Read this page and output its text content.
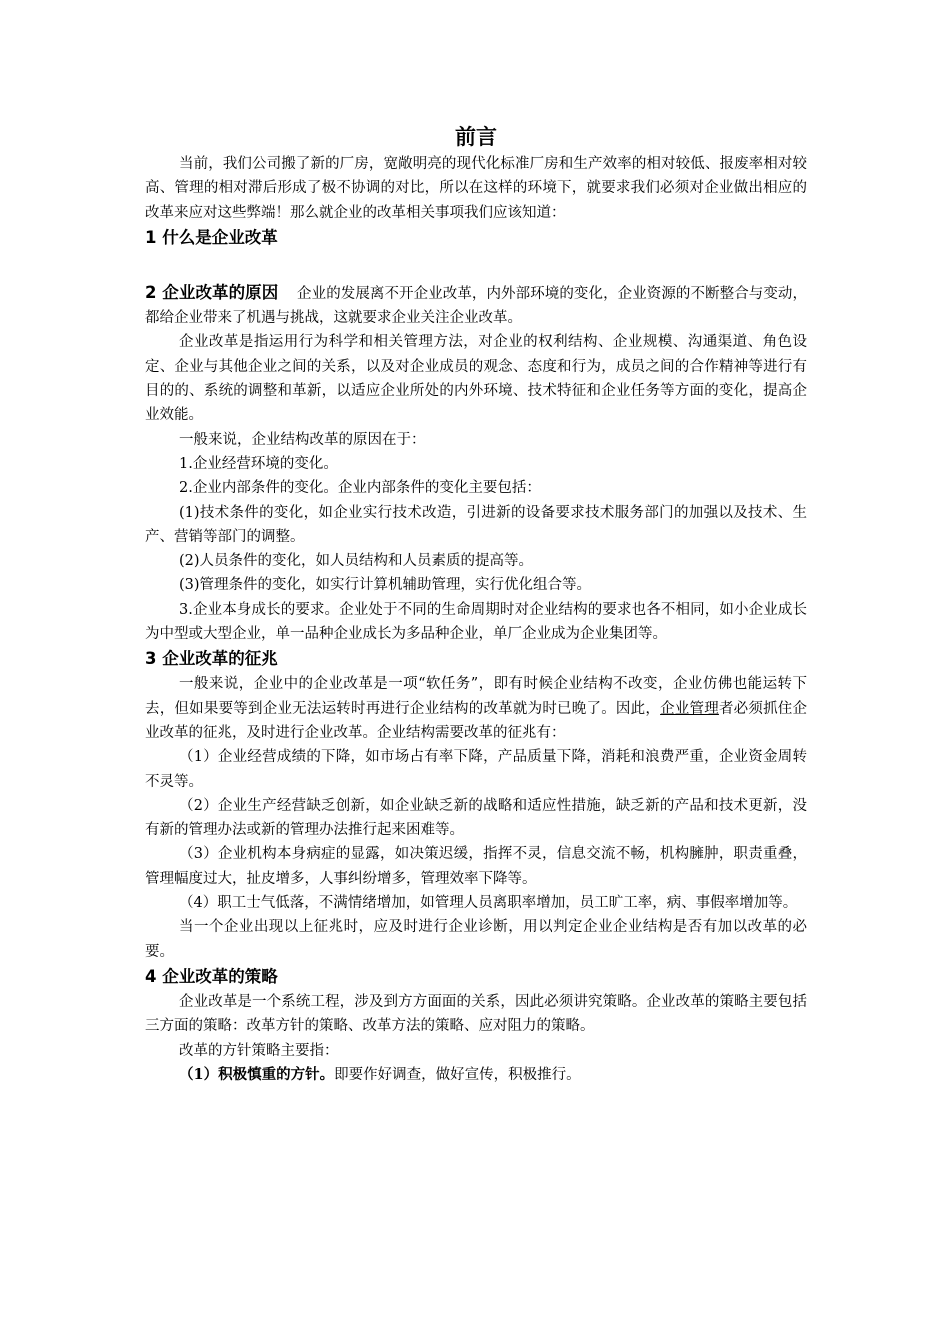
前言

当前，我们公司搬了新的厂房，宽敞明亮的现代化标准厂房和生产效率的相对较低、报废率相对较高、管理的相对滞后形成了极不协调的对比，所以在这样的环境下，就要求我们必须对企业做出相应的改革来应对这些弊端！那么就企业的改革相关事项我们应该知道：

1 什么是企业改革

2 企业改革的原因 企业的发展离不开企业改革，内外部环境的变化，企业资源的不断整合与变动，都给企业带来了机遇与挑战，这就要求企业关注企业改革。

企业改革是指运用行为科学和相关管理方法，对企业的权利结构、企业规模、沟通渠道、角色设定、企业与其他企业之间的关系，以及对企业成员的观念、态度和行为，成员之间的合作精神等进行有目的的、系统的调整和革新，以适应企业所处的内外环境、技术特征和企业任务等方面的变化，提高企业效能。

一般来说，企业结构改革的原因在于：

1.企业经营环境的变化。

2.企业内部条件的变化。企业内部条件的变化主要包括：

(1)技术条件的变化，如企业实行技术改造，引进新的设备要求技术服务部门的加强以及技术、生产、营销等部门的调整。

(2)人员条件的变化，如人员结构和人员素质的提高等。

(3)管理条件的变化，如实行计算机辅助管理，实行优化组合等。

3.企业本身成长的要求。企业处于不同的生命周期时对企业结构的要求也各不相同，如小企业成长为中型或大型企业，单一品种企业成长为多品种企业，单厂企业成为企业集团等。

3 企业改革的征兆

一般来说，企业中的企业改革是一项“软任务”，即有时候企业结构不改变，企业仿佛也能运转下去，但如果要等到企业无法运转时再进行企业结构的改革就为时已晚了。因此，企业管理者必须抓住企业改革的征兆，及时进行企业改革。企业结构需要改革的征兆有：

（1）企业经营成绩的下降，如市场占有率下降，产品质量下降，消耗和浪费严重，企业资金周转不灵等。

（2）企业生产经营缺乏创新，如企业缺乏新的战略和适应性措施，缺乏新的产品和技术更新，没有新的管理办法或新的管理办法推行起来困难等。

（3）企业机构本身病症的显露，如决策迟缓，指挥不灵，信息交流不畅，机构臃肿，职责重叠，管理幅度过大，扯皮增多，人事纠纷增多，管理效率下降等。

（4）职工士气低落，不满情绪增加，如管理人员离职率增加，员工旷工率，病、事假率增加等。

当一个企业出现以上征兆时，应及时进行企业诊断，用以判定企业企业结构是否有加以改革的必要。

4 企业改革的策略

企业改革是一个系统工程，涉及到方方面面的关系，因此必须讲究策略。企业改革的策略主要包括三方面的策略：改革方针的策略、改革方法的策略、应对阻力的策略。

改革的方针策略主要指：

（1）积极慎重的方针。即要作好调查，做好宣传，积极推行。
